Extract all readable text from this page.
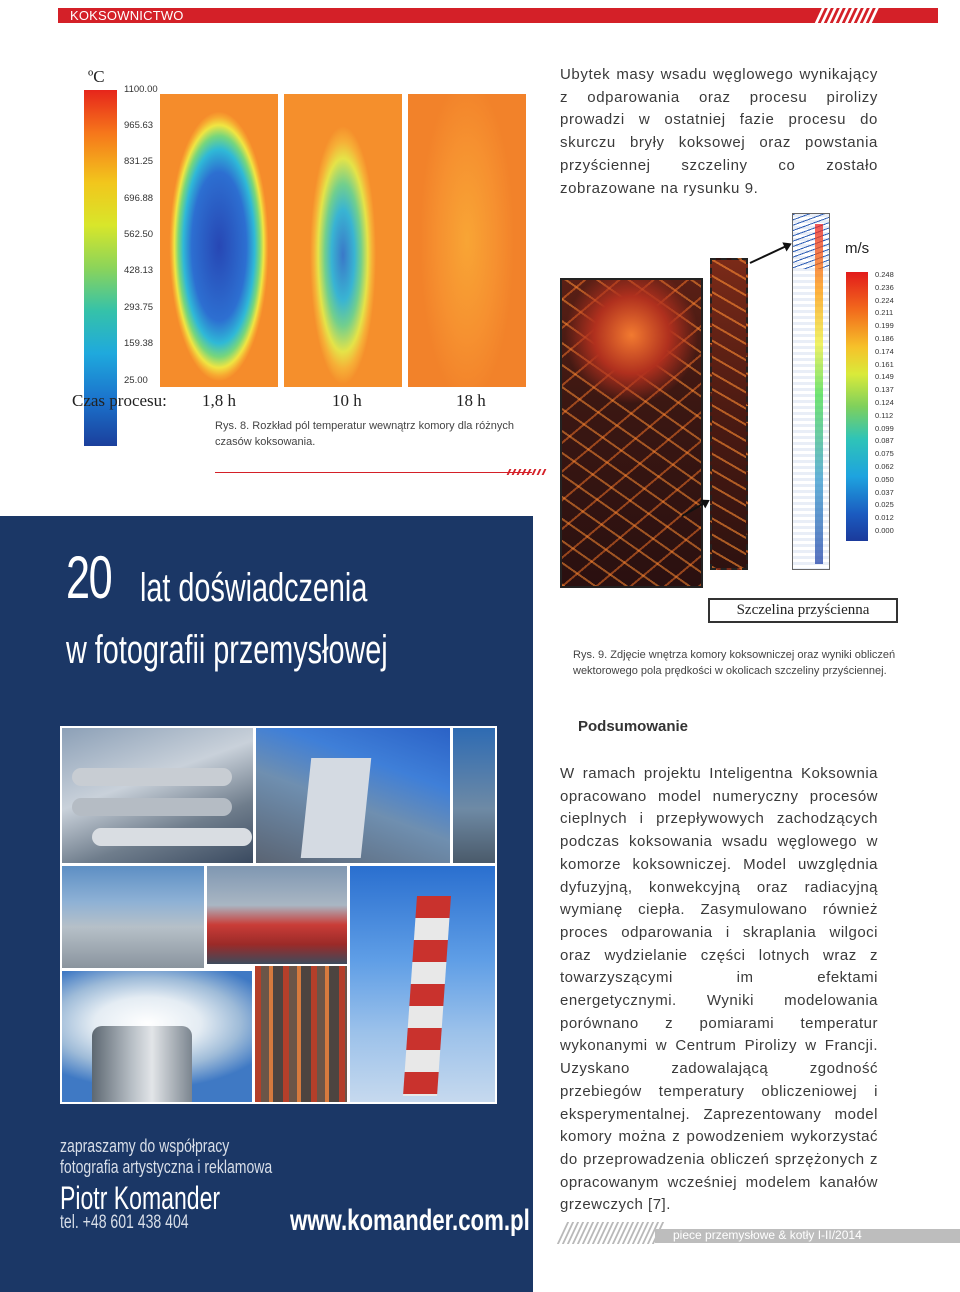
KOKSOWNICTWO
ºC
1100.00
965.63
831.25
696.88
562.50
428.13
293.75
159.38
25.00
Czas procesu: 1,8 h	10 h	18 h
Rys. 8. Rozkład pól temperatur wewnątrz komory dla różnych czasów koksowania.
Ubytek masy wsadu węglowego wynikający z odparowania oraz procesu pirolizy prowadzi w ostatniej fazie procesu do skurczu bryły koksowej oraz powstania przyściennej szczeliny co zostało zobrazowane na rysunku 9.
m/s
0.248
0.236
0.224
0.211
0.199
0.186
0.174
0.161
0.149
0.137
0.124
0.112
0.099
0.087
0.075
0.062
0.050
0.037
0.025
0.012
0.000
Szczelina przyścienna
Rys. 9. Zdjęcie wnętrza komory koksowniczej oraz wyniki obliczeń wektorowego pola prędkości w okolicach szczeliny przyściennej.
20 lat doświadczenia
w fotografii przemysłowej
zapraszamy do współpracy
fotografia artystyczna i reklamowa
Piotr Komander
tel. +48 601 438 404	www.komander.com.pl
Podsumowanie
W ramach projektu Inteligentna Koksownia opracowano model numeryczny procesów cieplnych i przepływowych zachodzących podczas koksowania wsadu węglowego w komorze koksowniczej. Model uwzględnia dyfuzyjną, konwekcyjną oraz radiacyjną wymianę ciepła. Zasymulowano również proces odparowania i skraplania wilgoci oraz wydzielanie części lotnych wraz z towarzyszącymi im efektami energetycznymi. Wyniki modelowania porównano z pomiarami temperatur wykonanymi w Centrum Pirolizy w Francji. Uzyskano zadowalającą zgodność przebiegów temperatury obliczeniowej i eksperymentalnej. Zaprezentowany model komory można z powodzeniem wykorzystać do przeprowadzenia obliczeń sprzężonych z opracowanym wcześniej modelem kanałów grzewczych [7].
piece przemysłowe & kotły I-II/2014
